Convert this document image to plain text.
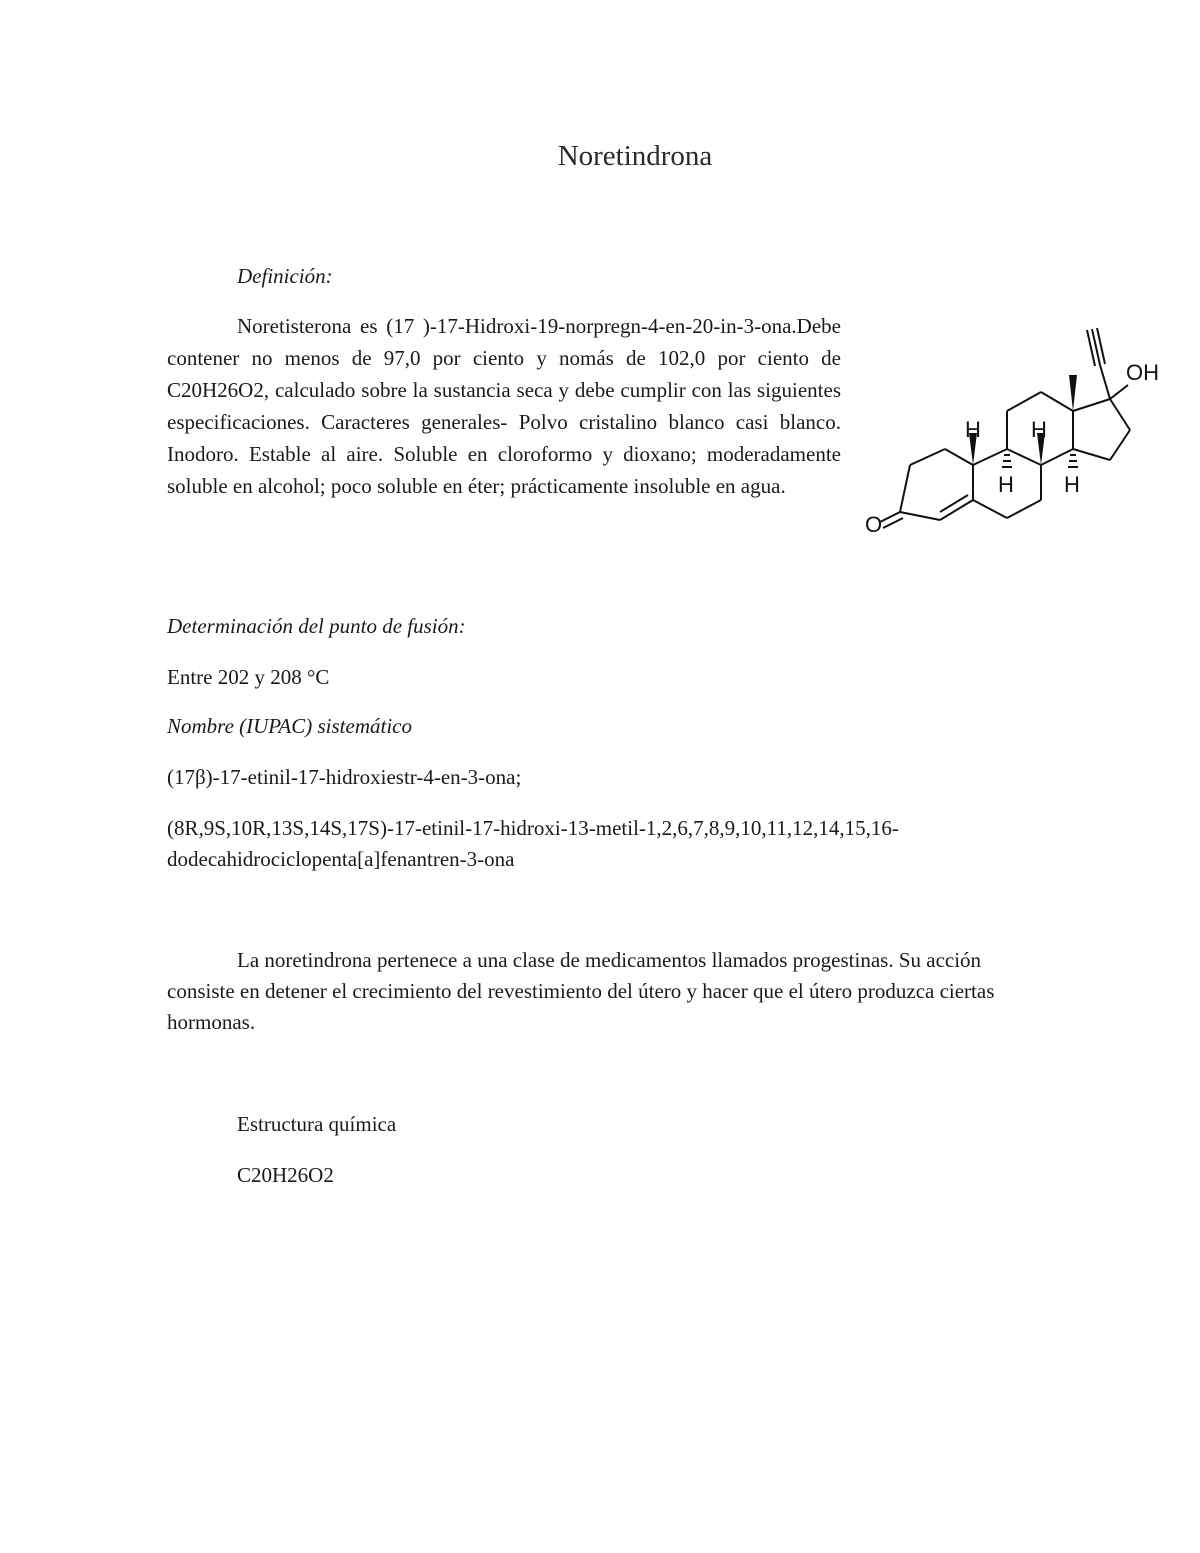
Noretindrona
Definición:
Noretisterona es (17 )-17-Hidroxi-19-norpregn-4-en-20-in-3-ona.Debe contener no menos de 97,0 por ciento y nomás de 102,0 por ciento de C20H26O2, calculado sobre la sustancia seca y debe cumplir con las siguientes especificaciones. Caracteres generales- Polvo cristalino blanco casi blanco. Inodoro. Estable al aire. Soluble en cloroformo y dioxano; moderadamente soluble en alcohol; poco soluble en éter; prácticamente insoluble en agua.
O
OH
H H
H H
Determinación del punto de fusión:
Entre 202 y 208 °C
Nombre (IUPAC) sistemático
(17β)-17-etinil-17-hidroxiestr-4-en-3-ona;
(8R,9S,10R,13S,14S,17S)-17-etinil-17-hidroxi-13-metil-1,2,6,7,8,9,10,11,12,14,15,16-dodecahidrociclopenta[a]fenantren-3-ona
La noretindrona pertenece a una clase de medicamentos llamados progestinas. Su acción consiste en detener el crecimiento del revestimiento del útero y hacer que el útero produzca ciertas hormonas.
Estructura química
C20H26O2
